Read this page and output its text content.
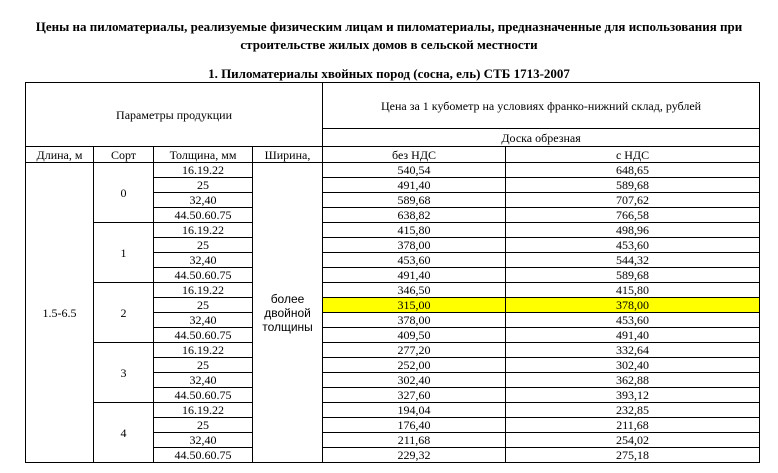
Цены на пиломатериалы, реализуемые физическим лицам и пиломатериалы, предназначенные для использования при строительстве жилых домов в сельской местности
1. Пиломатериалы хвойных пород (сосна, ель) СТБ 1713-2007
Параметры продукции				Цена за 1 кубометр на условиях франко-нижний склад, рублей	
				Доска обрезная	
Длина, м	Сорт	Толщина, мм	Ширина,	без НДС	с НДС
1.5-6.5	0	16.19.22	более двойной толщины	540,54	648,65
		25		491,40	589,68
		32,40		589,68	707,62
		44.50.60.75		638,82	766,58
	1	16.19.22		415,80	498,96
		25		378,00	453,60
		32,40		453,60	544,32
		44.50.60.75		491,40	589,68
	2	16.19.22		346,50	415,80
		25		315,00	378,00
		32,40		378,00	453,60
		44.50.60.75		409,50	491,40
	3	16.19.22		277,20	332,64
		25		252,00	302,40
		32,40		302,40	362,88
		44.50.60.75		327,60	393,12
	4	16.19.22		194,04	232,85
		25		176,40	211,68
		32,40		211,68	254,02
		44.50.60.75		229,32	275,18
